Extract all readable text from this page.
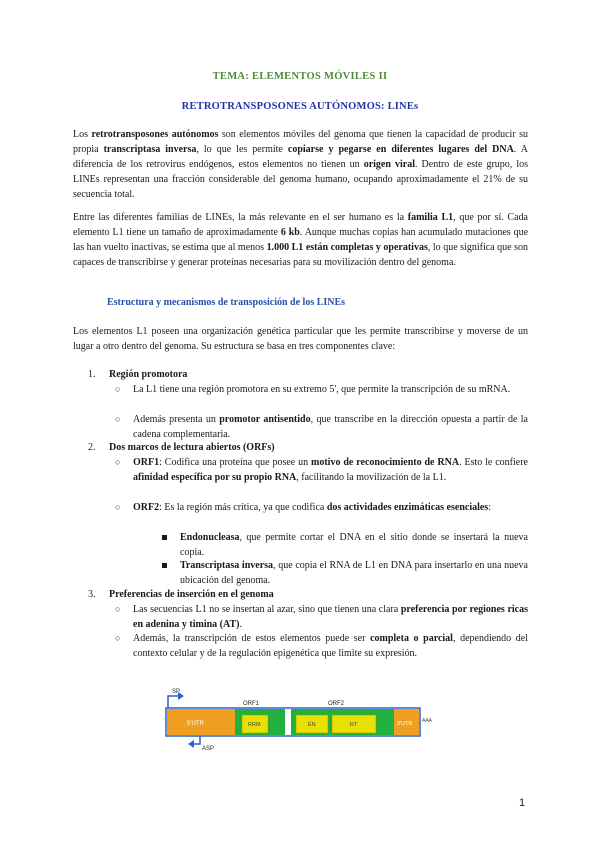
TEMA: ELEMENTOS MÓVILES II
RETROTRANSPOSONES AUTÓNOMOS: LINEs

Los retrotransposones autónomos son elementos móviles del genoma que tienen la capacidad de producir su propia transcriptasa inversa, lo que les permite copiarse y pegarse en diferentes lugares del DNA. A diferencia de los retrovirus endógenos, estos elementos no tienen un origen viral. Dentro de este grupo, los LINEs representan una fracción considerable del genoma humano, ocupando aproximadamente el 21% de su secuencia total.

Entre las diferentes familias de LINEs, la más relevante en el ser humano es la familia L1, que por sí. Cada elemento L1 tiene un tamaño de aproximadamente 6 kb. Aunque muchas copias han acumulado mutaciones que las han vuelto inactivas, se estima que al menos 1.000 L1 están completas y operativas, lo que significa que son capaces de transcribirse y generar proteínas necesarias para su movilización dentro del genoma.

Estructura y mecanismos de transposición de los LINEs

Los elementos L1 poseen una organización genética particular que les permite transcribirse y moverse de un lugar a otro dentro del genoma. Su estructura se basa en tres componentes clave:

1. Región promotora
○ La L1 tiene una región promotora en su extremo 5', que permite la transcripción de su mRNA.
○ Además presenta un promotor antisentido, que transcribe en la dirección opuesta a partir de la cadena complementaria.
2. Dos marcos de lectura abiertos (ORFs)
○ ORF1: Codifica una proteína que posee un motivo de reconocimiento de RNA. Esto le confiere afinidad específica por su propio RNA, facilitando la movilización de la L1.
○ ORF2: Es la región más crítica, ya que codifica dos actividades enzimáticas esenciales:
Endonucleasa, que permite cortar el DNA en el sitio donde se insertará la nueva copia.
Transcriptasa inversa, que copia el RNA de L1 en DNA para insertarlo en una nueva ubicación del genoma.
3. Preferencias de inserción en el genoma
○ Las secuencias L1 no se insertan al azar, sino que tienen una clara preferencia por regiones ricas en adenina y timina (AT).
○ Además, la transcripción de estos elementos puede ser completa o parcial, dependiendo del contexto celular y de la regulación epigenética que limite su expresión.
SP
5'UTR	RRM
ORF1
EN	RT
ORF2
3'UTR AAA
ASP
1
